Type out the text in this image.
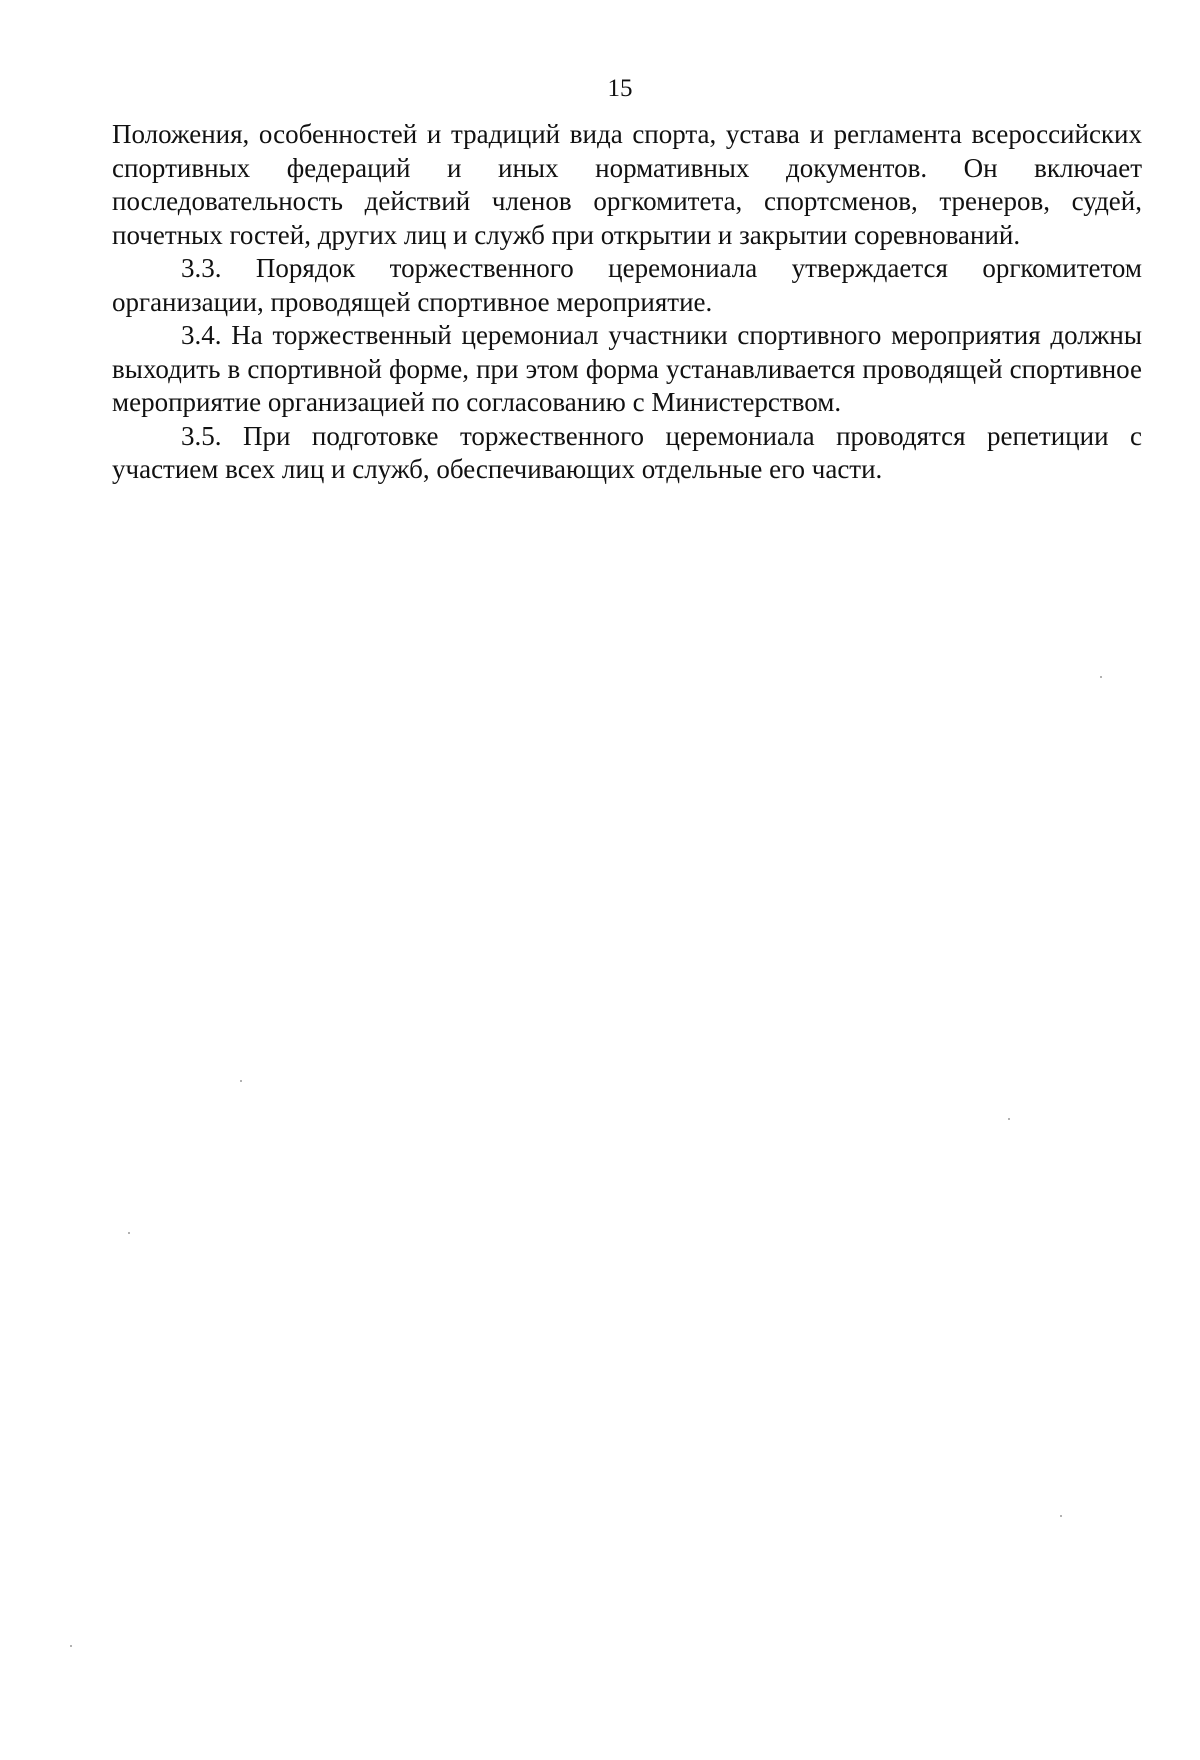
15

Положения, особенностей и традиций вида спорта, устава и регламента всероссийских спортивных федераций и иных нормативных документов. Он включает последовательность действий членов оргкомитета, спортсменов, тренеров, судей, почетных гостей, других лиц и служб при открытии и закрытии соревнований.

3.3. Порядок торжественного церемониала утверждается оргкомитетом организации, проводящей спортивное мероприятие.

3.4. На торжественный церемониал участники спортивного мероприятия должны выходить в спортивной форме, при этом форма устанавливается проводящей спортивное мероприятие организацией по согласованию с Министерством.

3.5. При подготовке торжественного церемониала проводятся репетиции с участием всех лиц и служб, обеспечивающих отдельные его части.
